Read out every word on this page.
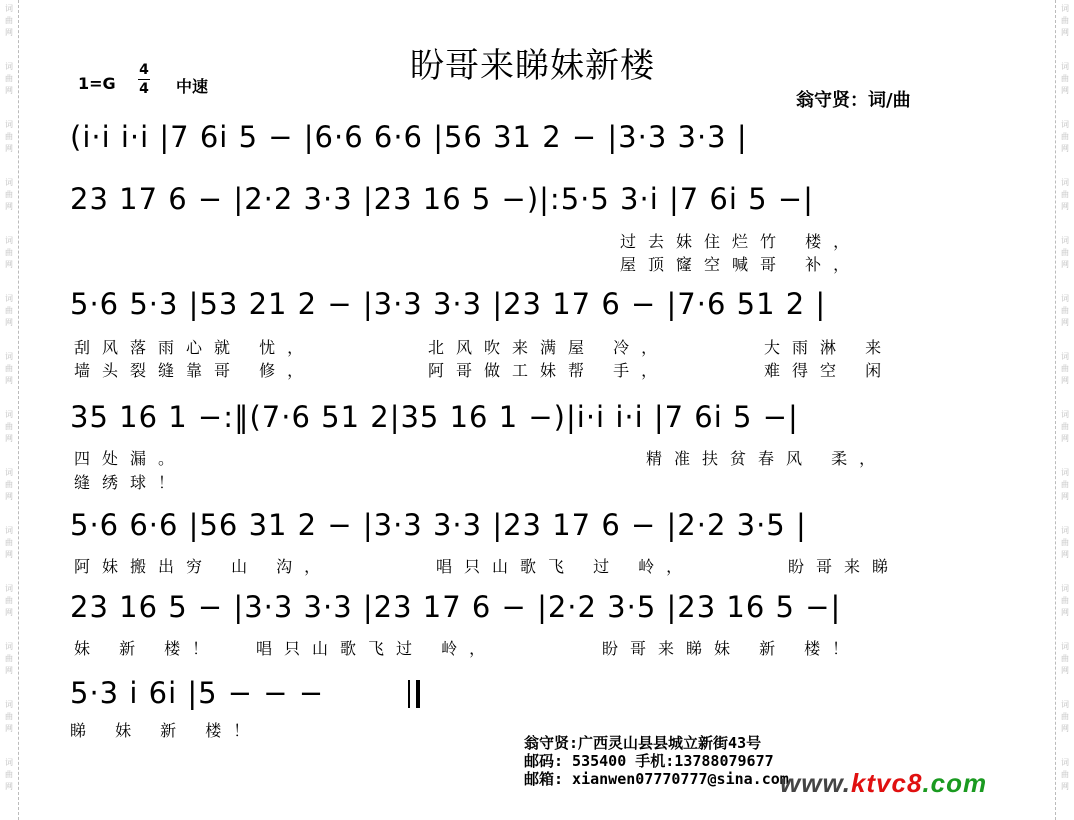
词
曲
网
词
曲
网
词
曲
网
词
曲
网
词
曲
网
词
曲
网
词
曲
网
词
曲
网
词
曲
网
词
曲
网
词
曲
网
词
曲
网
词
曲
网
词
曲
网
词
曲
网
词
曲
网
词
曲
网
词
曲
网
词
曲
网
词
曲
网
词
曲
网
词
曲
网
词
曲
网
词
曲
网
词
曲
网
词
曲
网
词
曲
网
词
曲
网
盼哥来睇妹新楼
1=G
4
4 中速
翁守贤：词/曲
(i·i i·i |7 6i 5 − |6·6 6·6 |56 31 2 − |3·3 3·3 |
23 17 6 − |2·2 3·3 |23 16 5 −)|:5·5 3·i |7 6i 5 −|
过去妹住烂竹 楼，
屋顶窿空喊哥 补，
5·6 5·3 |53 21 2 − |3·3 3·3 |23 17 6 − |7·6 51 2 |
刮风落雨心就 忧，	北风吹来满屋 冷，	大雨淋 来
墙头裂缝靠哥 修，	阿哥做工妹帮 手，	难得空 闲
35 16 1 −:‖(7·6 51 2|35 16 1 −)|i·i i·i |7 6i 5 −|
四处漏。	精准扶贫春风 柔，
缝绣球！
5·6 6·6 |56 31 2 − |3·3 3·3 |23 17 6 − |2·2 3·5 |
阿妹搬出穷 山 沟，	唱只山歌飞 过 岭，	盼哥来睇
23 16 5 − |3·3 3·3 |23 17 6 − |2·2 3·5 |23 16 5 −|
妹 新 楼！ 唱只山歌飞过 岭，	盼哥来睇妹 新 楼！
5·3 i 6i |5 − − −
睇 妹 新 楼！
翁守贤:广西灵山县县城立新街43号
邮码: 535400 手机:13788079677
邮箱: xianwen07770777@sina.com
www.ktvc8.com
